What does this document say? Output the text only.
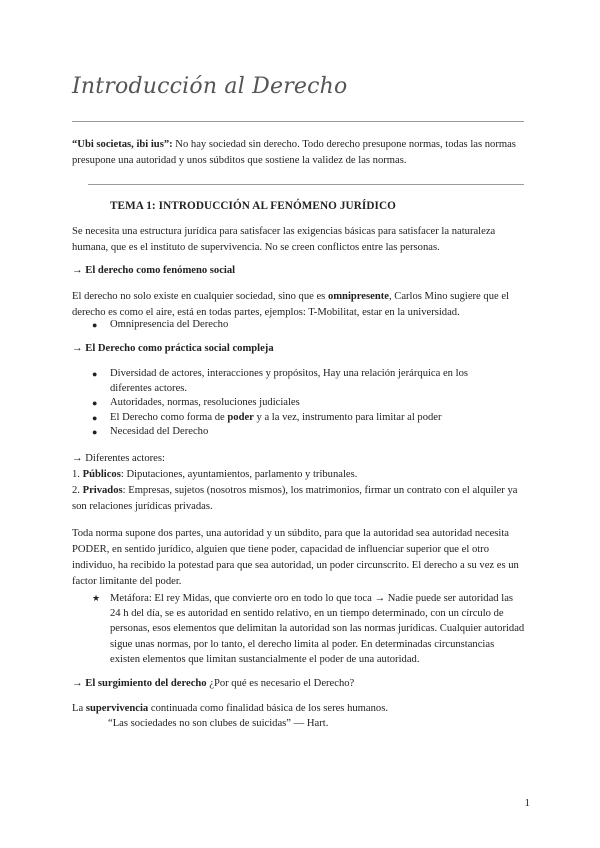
Introducción al Derecho
“Ubi societas, ibi ius”: No hay sociedad sin derecho. Todo derecho presupone normas, todas las normas presupone una autoridad y unos súbditos que sostiene la validez de las normas.
TEMA 1: INTRODUCCIÓN AL FENÓMENO JURÍDICO
Se necesita una estructura jurídica para satisfacer las exigencias básicas para satisfacer la naturaleza humana, que es el instituto de supervivencia. No se creen conflictos entre las personas.
→ El derecho como fenómeno social
El derecho no solo existe en cualquier sociedad, sino que es omnipresente, Carlos Mino sugiere que el derecho es como el aire, está en todas partes, ejemplos: T-Mobilitat, estar en la universidad.
● Omnipresencia del Derecho
→ El Derecho como práctica social compleja
● Diversidad de actores, interacciones y propósitos, Hay una relación jerárquica en los diferentes actores.
● Autoridades, normas, resoluciones judiciales
● El Derecho como forma de poder y a la vez, instrumento para limitar al poder
● Necesidad del Derecho
→ Diferentes actores:
1. Públicos: Diputaciones, ayuntamientos, parlamento y tribunales.
2. Privados: Empresas, sujetos (nosotros mismos), los matrimonios, firmar un contrato con el alquiler ya son relaciones jurídicas privadas.
Toda norma supone dos partes, una autoridad y un súbdito, para que la autoridad sea autoridad necesita PODER, en sentido jurídico, alguien que tiene poder, capacidad de influenciar superior que el otro individuo, ha recibido la potestad para que sea autoridad, un poder circunscrito. El derecho a su vez es un factor limitante del poder.
★ Metáfora: El rey Midas, que convierte oro en todo lo que toca → Nadie puede ser autoridad las 24 h del día, se es autoridad en sentido relativo, en un tiempo determinado, con un círculo de personas, esos elementos que delimitan la autoridad son las normas jurídicas. Cualquier autoridad sigue unas normas, por lo tanto, el derecho limita al poder. En determinadas circunstancias existen elementos que limitan sustancialmente el poder de una autoridad.
→ El surgimiento del derecho ¿Por qué es necesario el Derecho?
La supervivencia continuada como finalidad básica de los seres humanos.
“Las sociedades no son clubes de suicidas” — Hart.
1
